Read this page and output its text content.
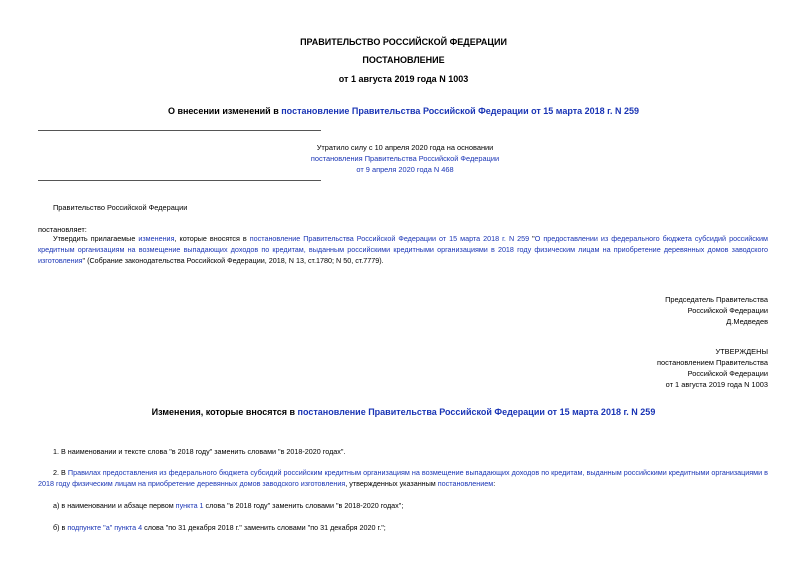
ПРАВИТЕЛЬСТВО РОССИЙСКОЙ ФЕДЕРАЦИИ
ПОСТАНОВЛЕНИЕ
от 1 августа 2019 года N 1003
О внесении изменений в постановление Правительства Российской Федерации от 15 марта 2018 г. N 259
Утратило силу с 10 апреля 2020 года на основании
постановления Правительства Российской Федерации
от 9 апреля 2020 года N 468
Правительство Российской Федерации
постановляет:
Утвердить прилагаемые изменения, которые вносятся в постановление Правительства Российской Федерации от 15 марта 2018 г. N 259 "О предоставлении из федерального бюджета субсидий российским кредитным организациям на возмещение выпадающих доходов по кредитам, выданным российскими кредитными организациями в 2018 году физическим лицам на приобретение деревянных домов заводского изготовления" (Собрание законодательства Российской Федерации, 2018, N 13, ст.1780; N 50, ст.7779).
Председатель Правительства
Российской Федерации
Д.Медведев
УТВЕРЖДЕНЫ
постановлением Правительства
Российской Федерации
от 1 августа 2019 года N 1003
Изменения, которые вносятся в постановление Правительства Российской Федерации от 15 марта 2018 г. N 259
1. В наименовании и тексте слова "в 2018 году" заменить словами "в 2018-2020 годах".
2. В Правилах предоставления из федерального бюджета субсидий российским кредитным организациям на возмещение выпадающих доходов по кредитам, выданным российскими кредитными организациями в 2018 году физическим лицам на приобретение деревянных домов заводского изготовления, утвержденных указанным постановлением:
а) в наименовании и абзаце первом пункта 1 слова "в 2018 году" заменить словами "в 2018-2020 годах";
б) в подпункте "а" пункта 4 слова "по 31 декабря 2018 г." заменить словами "по 31 декабря 2020 г.";
